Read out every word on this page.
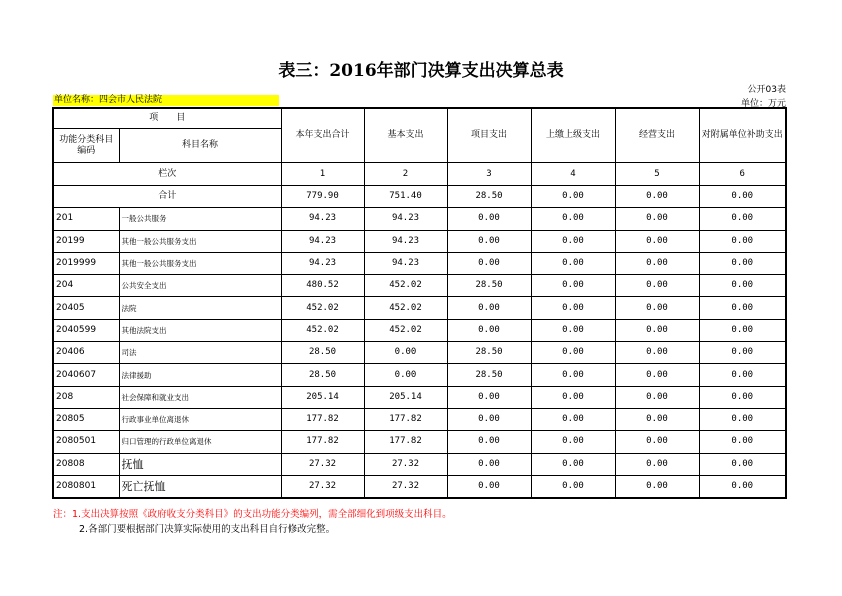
表三：2016年部门决算支出决算总表
公开03表
单位：万元
单位名称：四会市人民法院
项　　目		本年支出合计	基本支出	项目支出	上缴上级支出	经营支出	对附属单位补助支出
功能分类科目编码	科目名称						
栏次		1	2	3	4	5	6
合计		779.90	751.40	28.50	0.00	0.00	0.00
201	一般公共服务	94.23	94.23	0.00	0.00	0.00	0.00
20199	其他一般公共服务支出	94.23	94.23	0.00	0.00	0.00	0.00
2019999	其他一般公共服务支出	94.23	94.23	0.00	0.00	0.00	0.00
204	公共安全支出	480.52	452.02	28.50	0.00	0.00	0.00
20405	法院	452.02	452.02	0.00	0.00	0.00	0.00
2040599	其他法院支出	452.02	452.02	0.00	0.00	0.00	0.00
20406	司法	28.50	0.00	28.50	0.00	0.00	0.00
2040607	法律援助	28.50	0.00	28.50	0.00	0.00	0.00
208	社会保障和就业支出	205.14	205.14	0.00	0.00	0.00	0.00
20805	行政事业单位离退休	177.82	177.82	0.00	0.00	0.00	0.00
2080501	归口管理的行政单位离退休	177.82	177.82	0.00	0.00	0.00	0.00
20808	抚恤	27.32	27.32	0.00	0.00	0.00	0.00
2080801	死亡抚恤	27.32	27.32	0.00	0.00	0.00	0.00
注：1.支出决算按照《政府收支分类科目》的支出功能分类编列，需全部细化到项级支出科目。
2.各部门要根据部门决算实际使用的支出科目自行修改完整。
